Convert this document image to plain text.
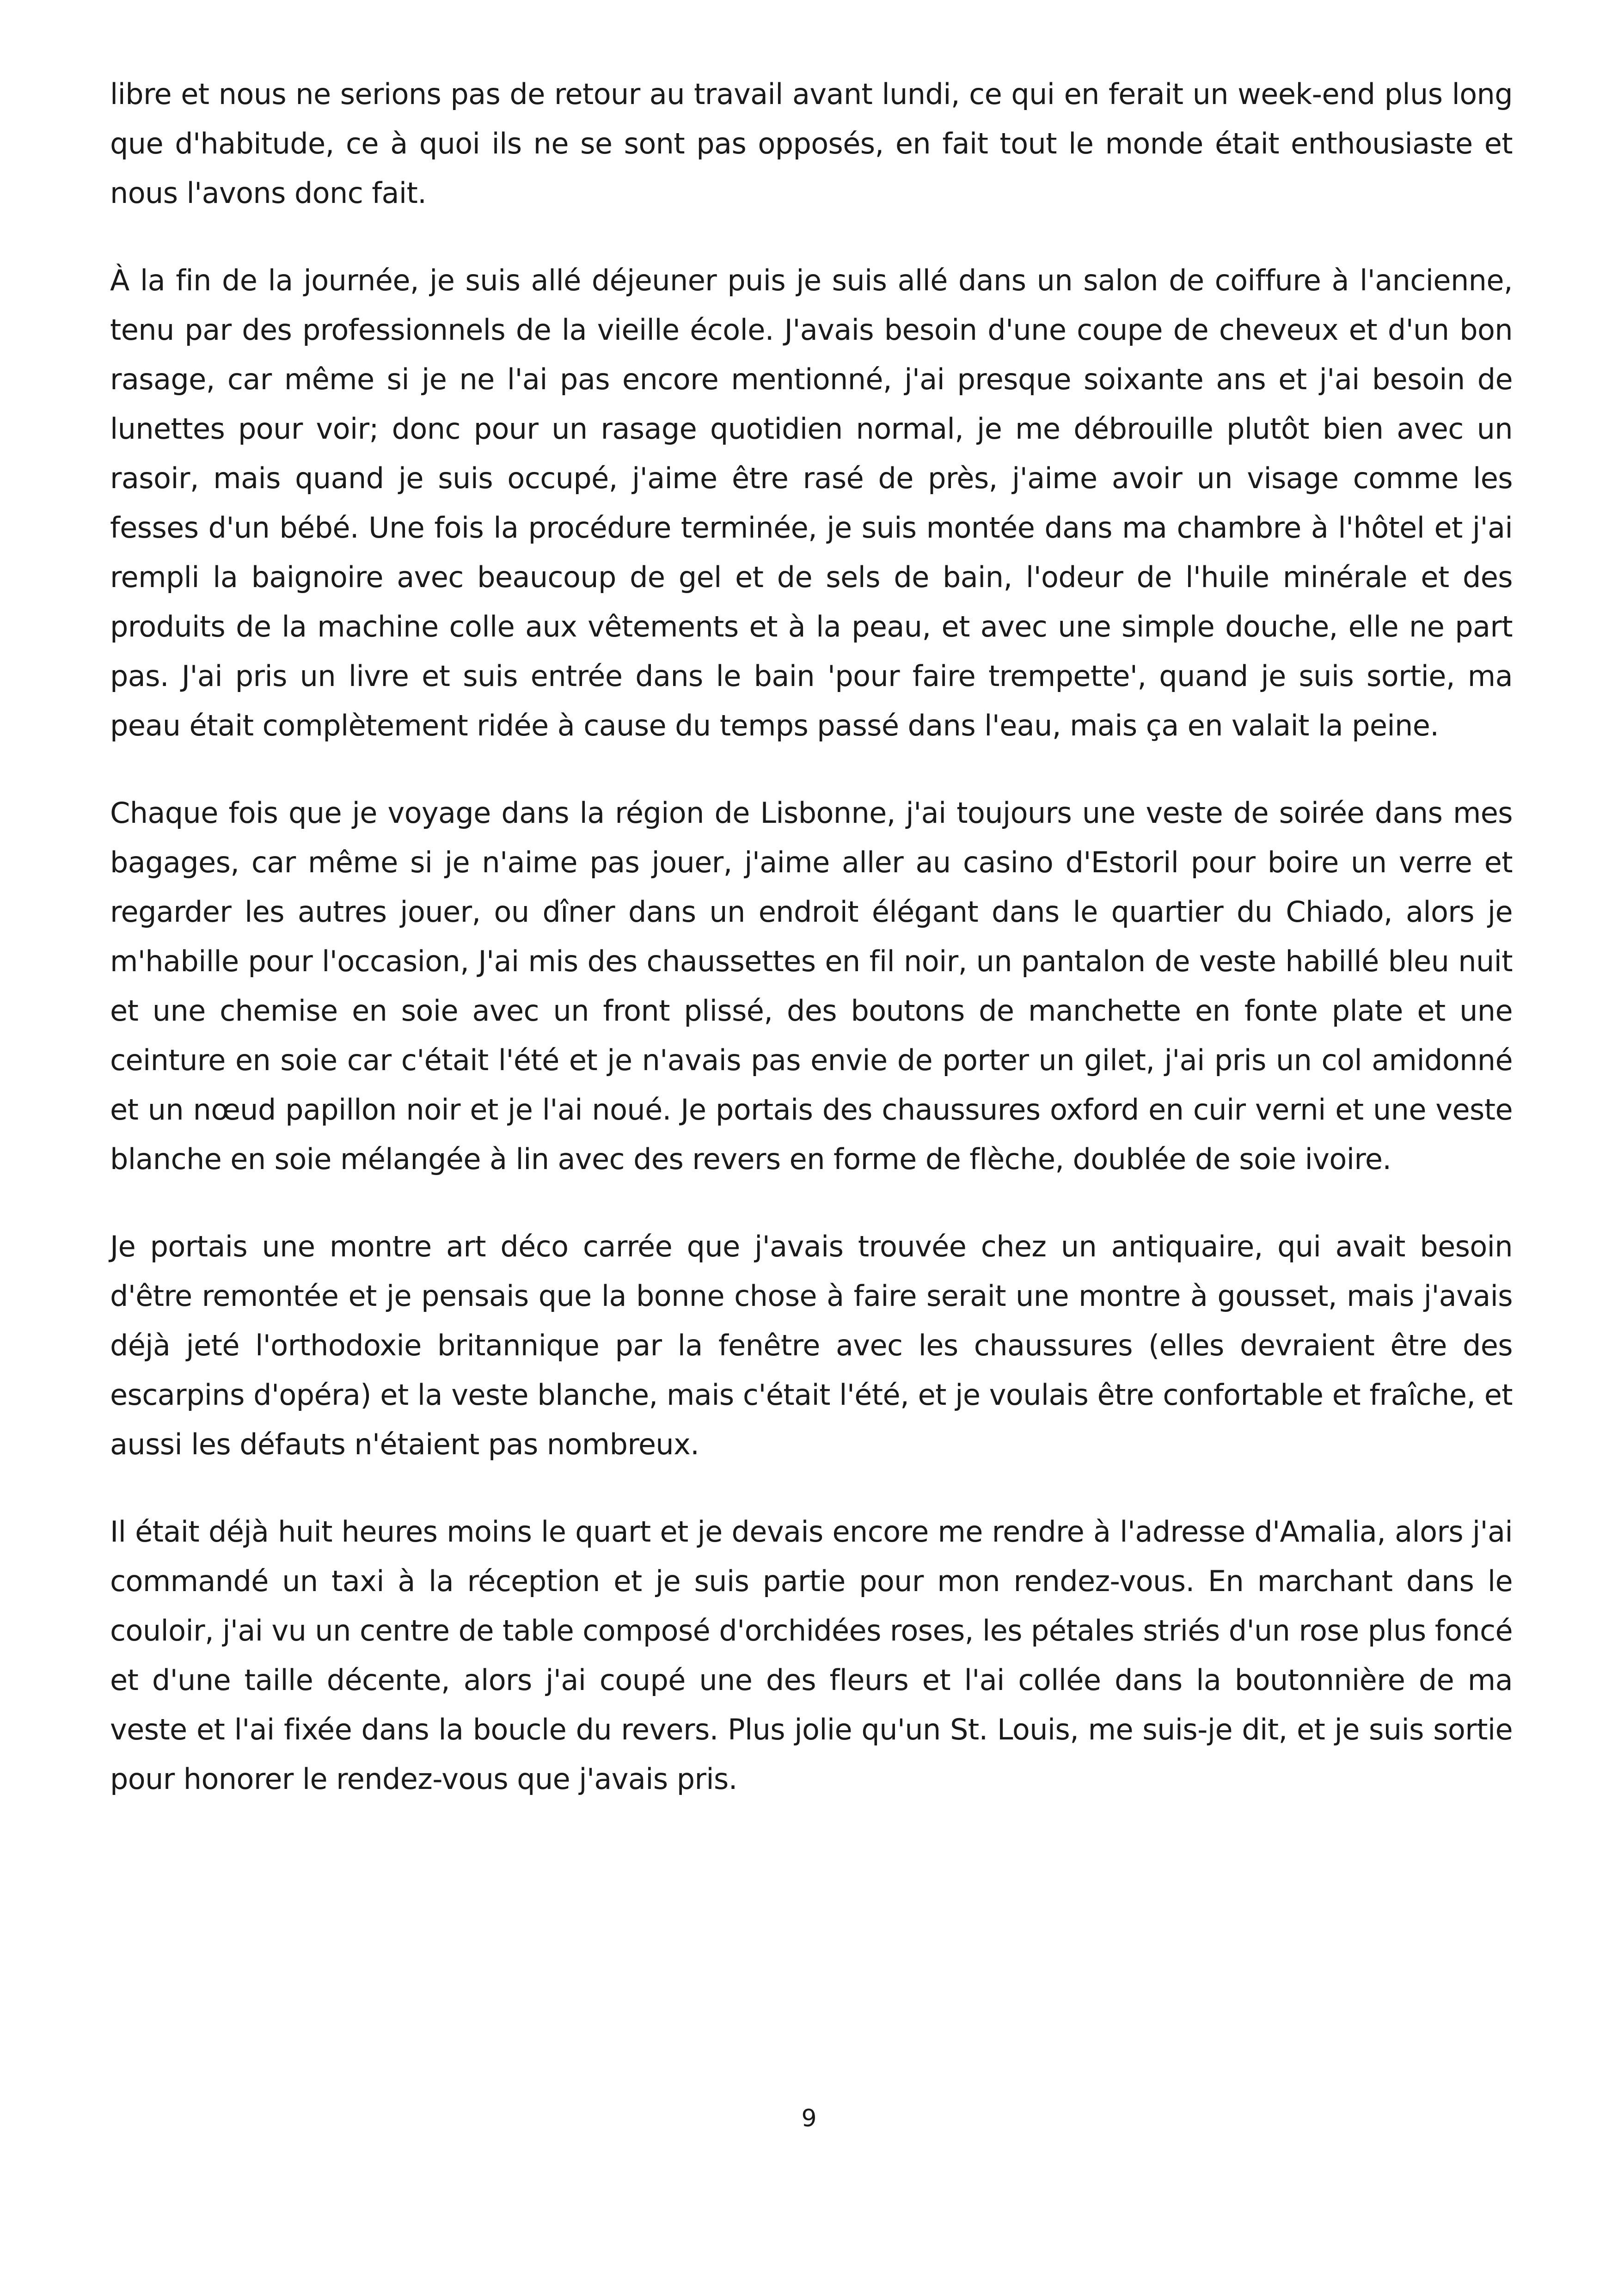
libre et nous ne serions pas de retour au travail avant lundi, ce qui en ferait un week-end plus long que d'habitude, ce à quoi ils ne se sont pas opposés, en fait tout le monde était enthousiaste et nous l'avons donc fait.

À la fin de la journée, je suis allé déjeuner puis je suis allé dans un salon de coiffure à l'ancienne, tenu par des professionnels de la vieille école. J'avais besoin d'une coupe de cheveux et d'un bon rasage, car même si je ne l'ai pas encore mentionné, j'ai presque soixante ans et j'ai besoin de lunettes pour voir; donc pour un rasage quotidien normal, je me débrouille plutôt bien avec un rasoir, mais quand je suis occupé, j'aime être rasé de près, j'aime avoir un visage comme les fesses d'un bébé. Une fois la procédure terminée, je suis montée dans ma chambre à l'hôtel et j'ai rempli la baignoire avec beaucoup de gel et de sels de bain, l'odeur de l'huile minérale et des produits de la machine colle aux vêtements et à la peau, et avec une simple douche, elle ne part pas. J'ai pris un livre et suis entrée dans le bain 'pour faire trempette', quand je suis sortie, ma peau était complètement ridée à cause du temps passé dans l'eau, mais ça en valait la peine.

Chaque fois que je voyage dans la région de Lisbonne, j'ai toujours une veste de soirée dans mes bagages, car même si je n'aime pas jouer, j'aime aller au casino d'Estoril pour boire un verre et regarder les autres jouer, ou dîner dans un endroit élégant dans le quartier du Chiado, alors je m'habille pour l'occasion, J'ai mis des chaussettes en fil noir, un pantalon de veste habillé bleu nuit et une chemise en soie avec un front plissé, des boutons de manchette en fonte plate et une ceinture en soie car c'était l'été et je n'avais pas envie de porter un gilet, j'ai pris un col amidonné et un nœud papillon noir et je l'ai noué. Je portais des chaussures oxford en cuir verni et une veste blanche en soie mélangée à lin avec des revers en forme de flèche, doublée de soie ivoire.

Je portais une montre art déco carrée que j'avais trouvée chez un antiquaire, qui avait besoin d'être remontée et je pensais que la bonne chose à faire serait une montre à gousset, mais j'avais déjà jeté l'orthodoxie britannique par la fenêtre avec les chaussures (elles devraient être des escarpins d'opéra) et la veste blanche, mais c'était l'été, et je voulais être confortable et fraîche, et aussi les défauts n'étaient pas nombreux.

Il était déjà huit heures moins le quart et je devais encore me rendre à l'adresse d'Amalia, alors j'ai commandé un taxi à la réception et je suis partie pour mon rendez-vous. En marchant dans le couloir, j'ai vu un centre de table composé d'orchidées roses, les pétales striés d'un rose plus foncé et d'une taille décente, alors j'ai coupé une des fleurs et l'ai collée dans la boutonnière de ma veste et l'ai fixée dans la boucle du revers. Plus jolie qu'un St. Louis, me suis-je dit, et je suis sortie pour honorer le rendez-vous que j'avais pris.

9
